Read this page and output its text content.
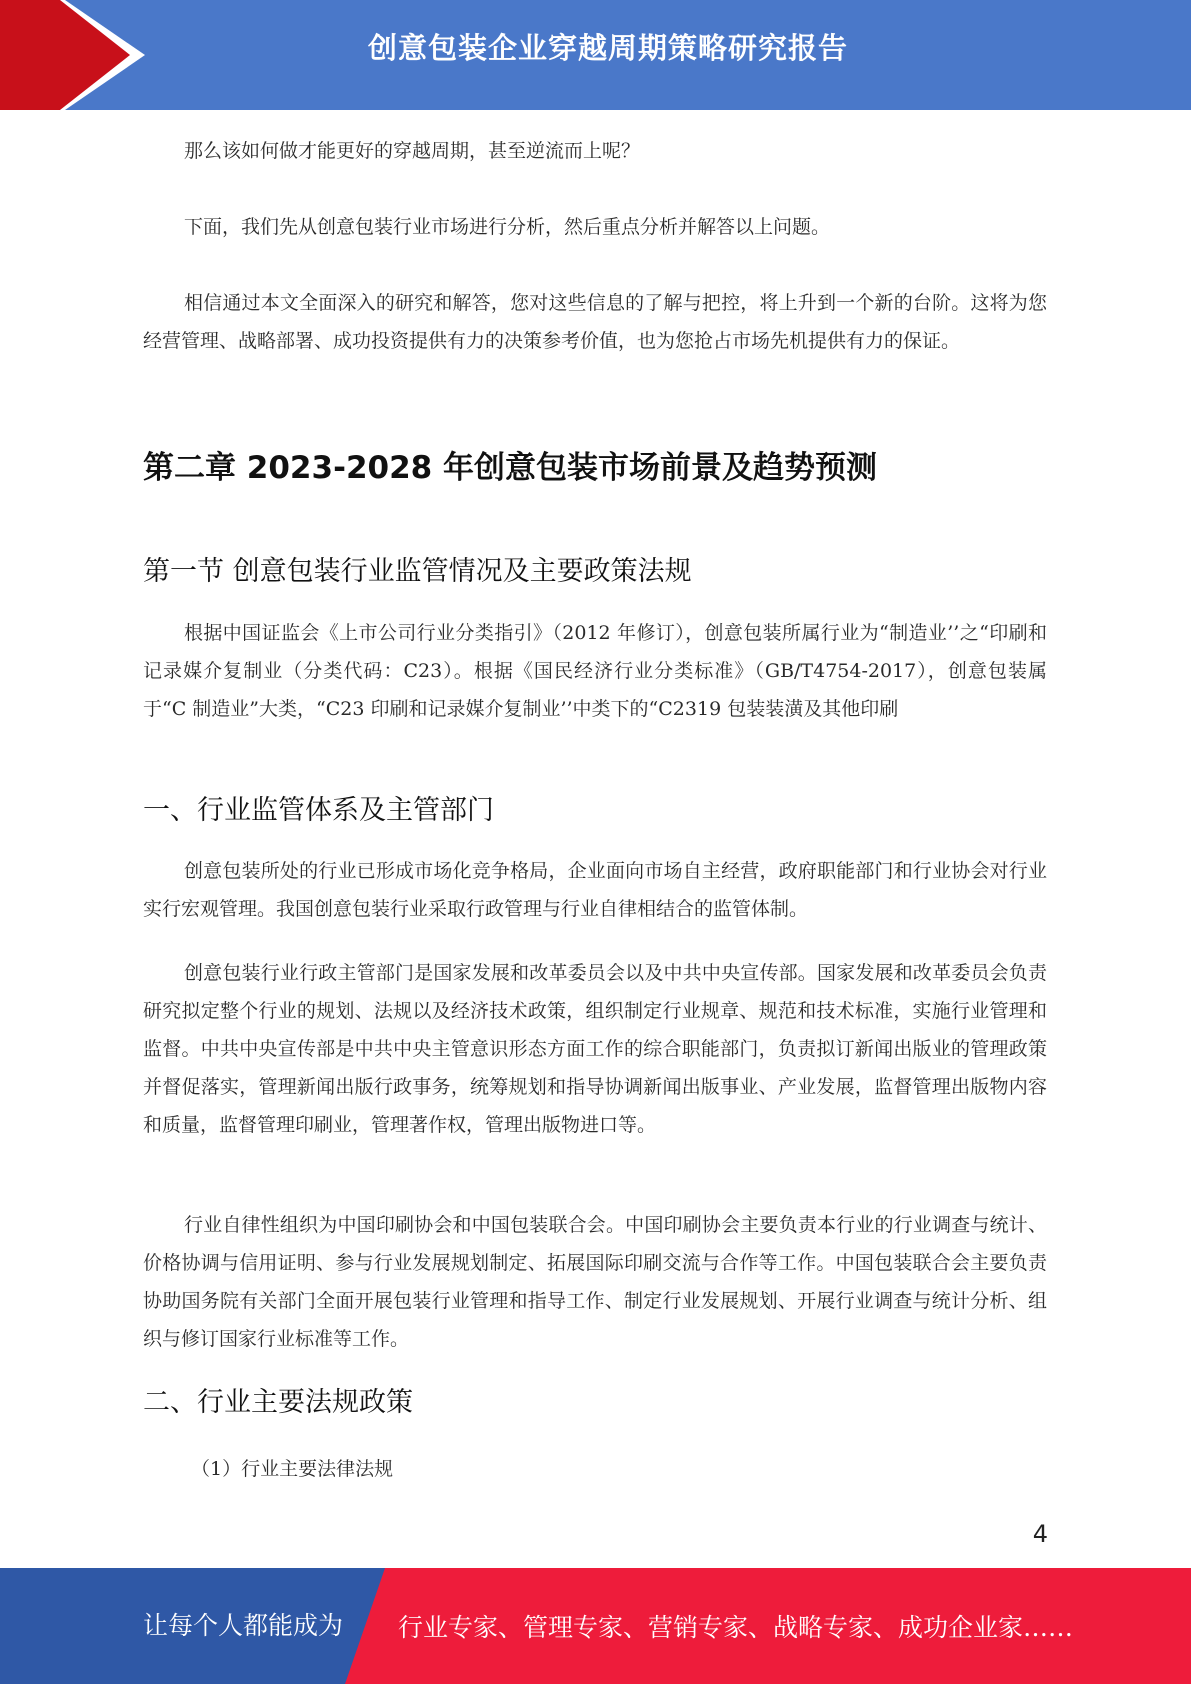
创意包装企业穿越周期策略研究报告

那么该如何做才能更好的穿越周期，甚至逆流而上呢？

下面，我们先从创意包装行业市场进行分析，然后重点分析并解答以上问题。

相信通过本文全面深入的研究和解答，您对这些信息的了解与把控，将上升到一个新的台阶。这将为您经营管理、战略部署、成功投资提供有力的决策参考价值，也为您抢占市场先机提供有力的保证。

第二章 2023-2028 年创意包装市场前景及趋势预测
第一节 创意包装行业监管情况及主要政策法规

根据中国证监会《上市公司行业分类指引》（2012 年修订），创意包装所属行业为“制造业’’之“印刷和记录媒介复制业（分类代码：C23）。根据《国民经济行业分类标准》（GB/T4754-2017），创意包装属于“C 制造业”大类，“C23 印刷和记录媒介复制业’’中类下的“C2319 包装装潢及其他印刷

一、行业监管体系及主管部门

创意包装所处的行业已形成市场化竞争格局，企业面向市场自主经营，政府职能部门和行业协会对行业实行宏观管理。我国创意包装行业采取行政管理与行业自律相结合的监管体制。

创意包装行业行政主管部门是国家发展和改革委员会以及中共中央宣传部。国家发展和改革委员会负责研究拟定整个行业的规划、法规以及经济技术政策，组织制定行业规章、规范和技术标准，实施行业管理和监督。中共中央宣传部是中共中央主管意识形态方面工作的综合职能部门，负责拟订新闻出版业的管理政策并督促落实，管理新闻出版行政事务，统筹规划和指导协调新闻出版事业、产业发展，监督管理出版物内容和质量，监督管理印刷业，管理著作权，管理出版物进口等。

行业自律性组织为中国印刷协会和中国包装联合会。中国印刷协会主要负责本行业的行业调查与统计、价格协调与信用证明、参与行业发展规划制定、拓展国际印刷交流与合作等工作。中国包装联合会主要负责协助国务院有关部门全面开展包装行业管理和指导工作、制定行业发展规划、开展行业调查与统计分析、组织与修订国家行业标准等工作。

二、行业主要法规政策
（1）行业主要法律法规
4
让每个人都能成为 行业专家、管理专家、营销专家、战略专家、成功企业家……
